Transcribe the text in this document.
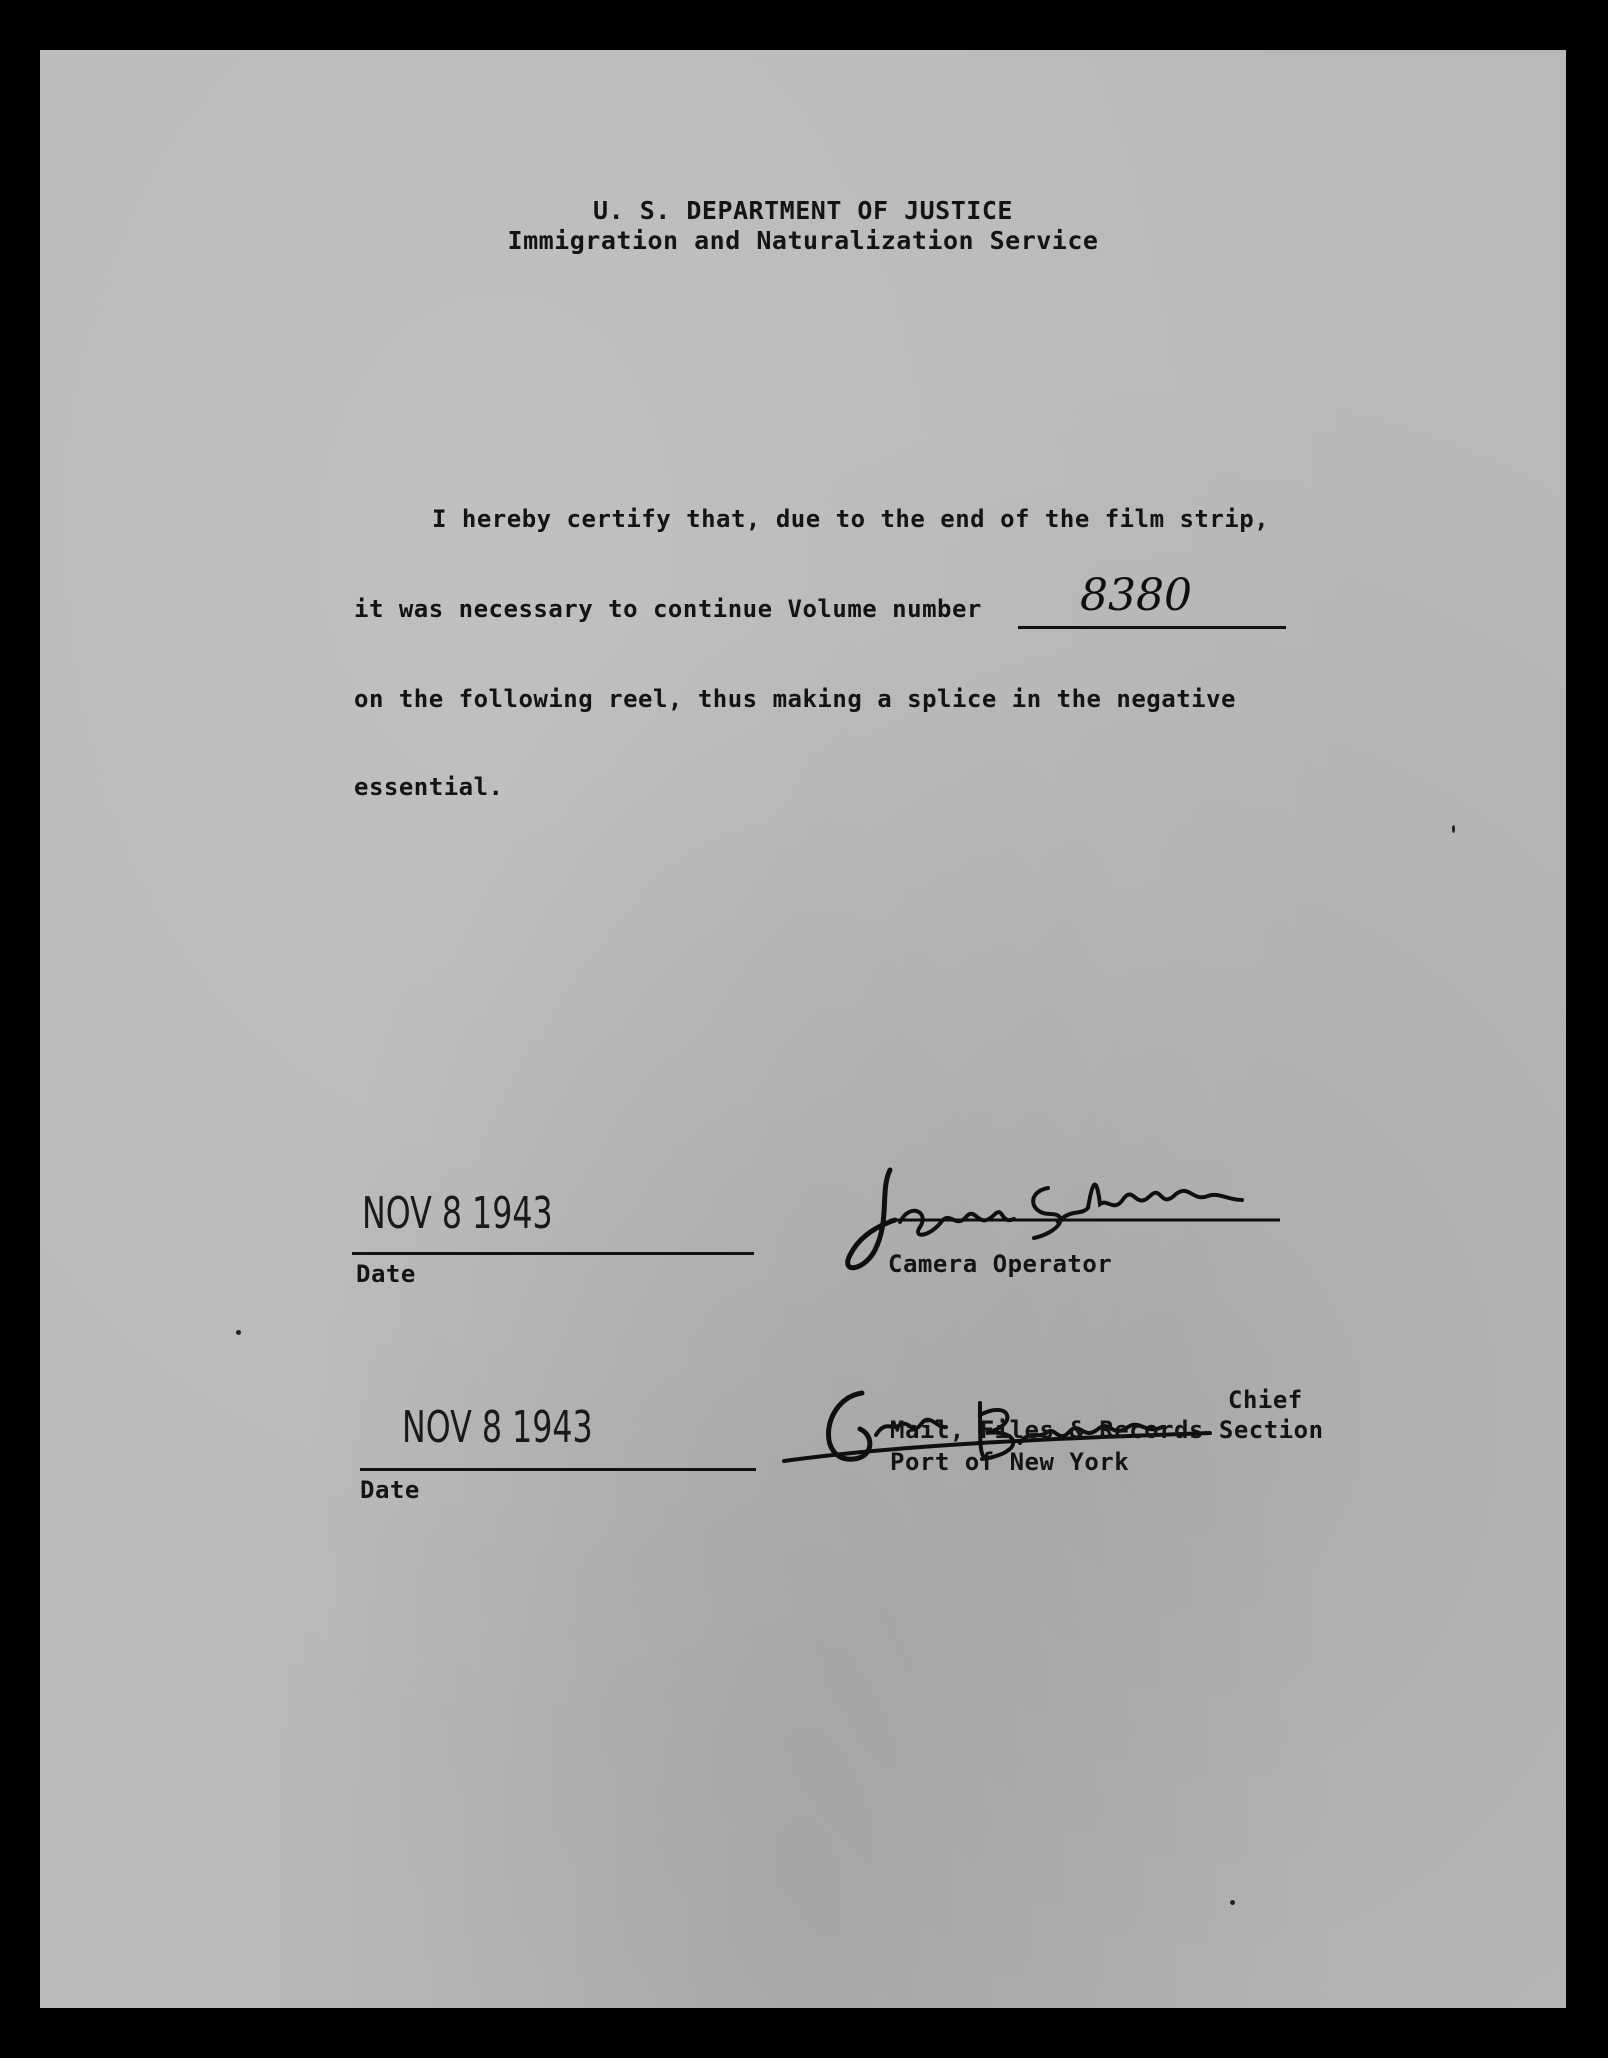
U. S. DEPARTMENT OF JUSTICE
Immigration and Naturalization Service
I hereby certify that, due to the end of the film strip,
it was necessary to continue Volume number 8380
on the following reel, thus making a splice in the negative
essential.
NOV 8 1943
Date	Camera Operator
NOV 8 1943
Date
Chief
Mail, Files & Records Section
Port of New York
